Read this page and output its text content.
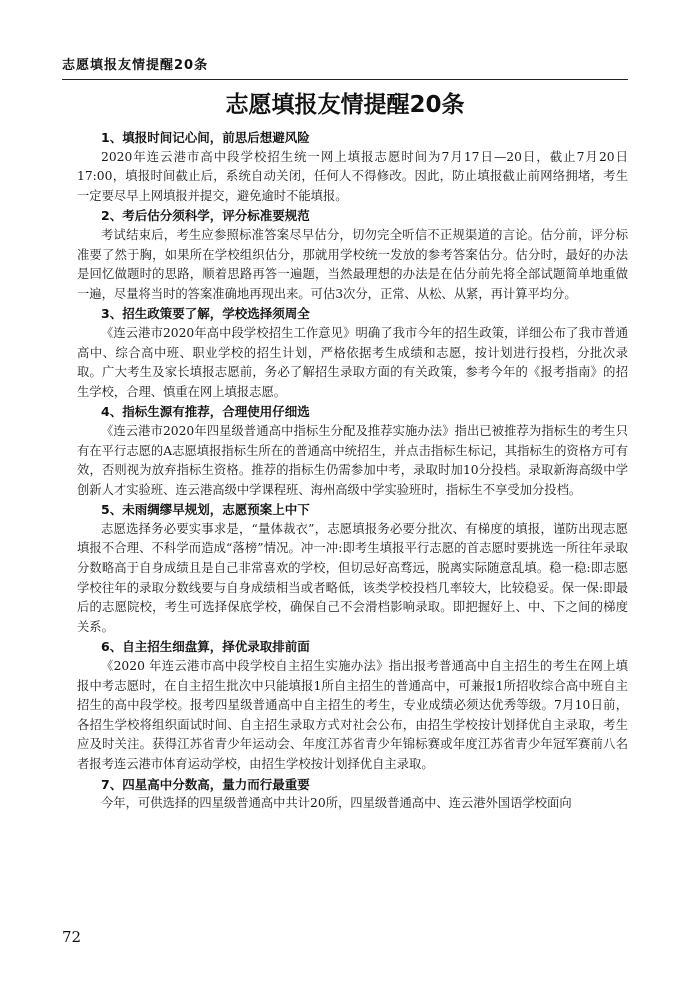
志愿填报友情提醒20条
志愿填报友情提醒20条
1、填报时间记心间，前思后想避风险

2020年连云港市高中段学校招生统一网上填报志愿时间为7月17日—20日，截止7月20日17:00，填报时间截止后，系统自动关闭，任何人不得修改。因此，防止填报截止前网络拥堵，考生一定要尽早上网填报并提交，避免逾时不能填报。

2、考后估分须科学，评分标准要规范

考试结束后，考生应参照标准答案尽早估分，切勿完全听信不正规渠道的言论。估分前，评分标准要了然于胸，如果所在学校组织估分，那就用学校统一发放的参考答案估分。估分时，最好的办法是回忆做题时的思路，顺着思路再答一遍题，当然最理想的办法是在估分前先将全部试题简单地重做一遍，尽量将当时的答案准确地再现出来。可估3次分，正常、从松、从紧，再计算平均分。

3、招生政策要了解，学校选择须周全

《连云港市2020年高中段学校招生工作意见》明确了我市今年的招生政策，详细公布了我市普通高中、综合高中班、职业学校的招生计划，严格依据考生成绩和志愿，按计划进行投档，分批次录取。广大考生及家长填报志愿前，务必了解招生录取方面的有关政策，参考今年的《报考指南》的招生学校，合理、慎重在网上填报志愿。

4、指标生源有推荐，合理使用仔细选

《连云港市2020年四星级普通高中指标生分配及推荐实施办法》指出已被推荐为指标生的考生只有在平行志愿的A志愿填报指标生所在的普通高中统招生，并点击指标生标记，其指标生的资格方可有效，否则视为放弃指标生资格。推荐的指标生仍需参加中考，录取时加10分投档。录取新海高级中学创新人才实验班、连云港高级中学课程班、海州高级中学实验班时，指标生不享受加分投档。

5、未雨绸缪早规划，志愿预案上中下

志愿选择务必要实事求是，“量体裁衣”，志愿填报务必要分批次、有梯度的填报，谨防出现志愿填报不合理、不科学而造成“落榜”情况。冲一冲:即考生填报平行志愿的首志愿时要挑选一所往年录取分数略高于自身成绩且是自己非常喜欢的学校，但切忌好高骛远，脱离实际随意乱填。稳一稳:即志愿学校往年的录取分数线要与自身成绩相当或者略低，该类学校投档几率较大，比较稳妥。保一保:即最后的志愿院校，考生可选择保底学校，确保自己不会滑档影响录取。即把握好上、中、下之间的梯度关系。

6、自主招生细盘算，择优录取排前面

《2020 年连云港市高中段学校自主招生实施办法》指出报考普通高中自主招生的考生在网上填报中考志愿时，在自主招生批次中只能填报1所自主招生的普通高中，可兼报1所招收综合高中班自主招生的高中段学校。报考四星级普通高中自主招生的考生，专业成绩必须达优秀等级。7月10日前，各招生学校将组织面试时间、自主招生录取方式对社会公布，由招生学校按计划择优自主录取，考生应及时关注。获得江苏省青少年运动会、年度江苏省青少年锦标赛或年度江苏省青少年冠军赛前八名者报考连云港市体育运动学校，由招生学校按计划择优自主录取。

7、四星高中分数高，量力而行最重要

今年，可供选择的四星级普通高中共计20所，四星级普通高中、连云港外国语学校面向

72
